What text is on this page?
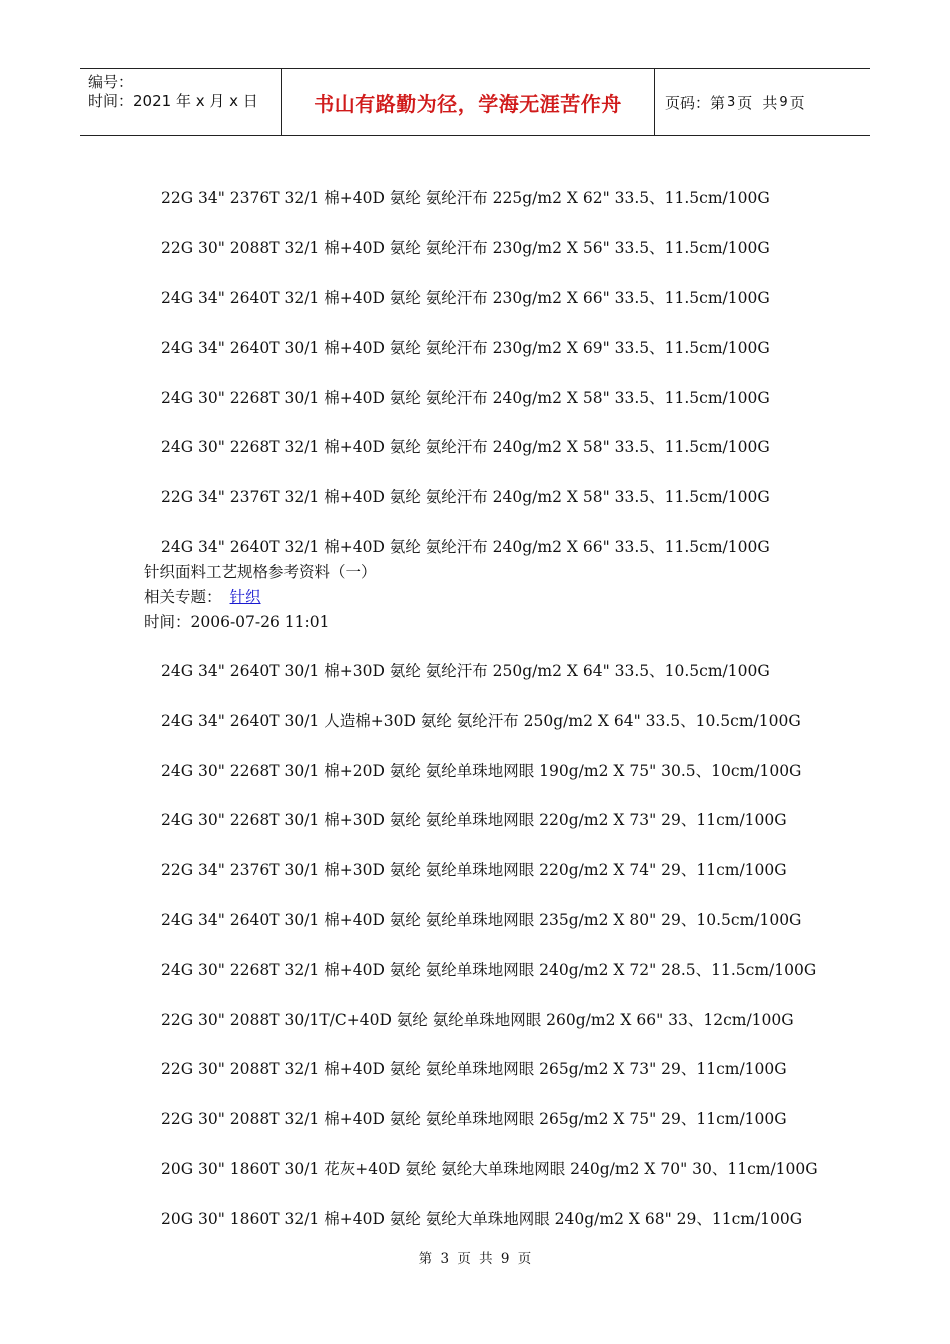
编号：
时间：2021 年 x 月 x 日	书山有路勤为径，学海无涯苦作舟	页码：第 3 页 共 9 页
22G 34" 2376T 32/1 棉+40D 氨纶 氨纶汗布 225g/m2 X 62" 33.5、11.5cm/100G
22G 30" 2088T 32/1 棉+40D 氨纶 氨纶汗布 230g/m2 X 56" 33.5、11.5cm/100G
24G 34" 2640T 32/1 棉+40D 氨纶 氨纶汗布 230g/m2 X 66" 33.5、11.5cm/100G
24G 34" 2640T 30/1 棉+40D 氨纶 氨纶汗布 230g/m2 X 69" 33.5、11.5cm/100G
24G 30" 2268T 30/1 棉+40D 氨纶 氨纶汗布 240g/m2 X 58" 33.5、11.5cm/100G
24G 30" 2268T 32/1 棉+40D 氨纶 氨纶汗布 240g/m2 X 58" 33.5、11.5cm/100G
22G 34" 2376T 32/1 棉+40D 氨纶 氨纶汗布 240g/m2 X 58" 33.5、11.5cm/100G
24G 34" 2640T 32/1 棉+40D 氨纶 氨纶汗布 240g/m2 X 66" 33.5、11.5cm/100G
针织面料工艺规格参考资料（一）
相关专题： 针织
时间：2006-07-26 11:01
24G 34" 2640T 30/1 棉+30D 氨纶 氨纶汗布 250g/m2 X 64" 33.5、10.5cm/100G
24G 34" 2640T 30/1 人造棉+30D 氨纶 氨纶汗布 250g/m2 X 64" 33.5、10.5cm/100G
24G 30" 2268T 30/1 棉+20D 氨纶 氨纶单珠地网眼 190g/m2 X 75" 30.5、10cm/100G
24G 30" 2268T 30/1 棉+30D 氨纶 氨纶单珠地网眼 220g/m2 X 73" 29、11cm/100G
22G 34" 2376T 30/1 棉+30D 氨纶 氨纶单珠地网眼 220g/m2 X 74" 29、11cm/100G
24G 34" 2640T 30/1 棉+40D 氨纶 氨纶单珠地网眼 235g/m2 X 80" 29、10.5cm/100G
24G 30" 2268T 32/1 棉+40D 氨纶 氨纶单珠地网眼 240g/m2 X 72" 28.5、11.5cm/100G
22G 30" 2088T 30/1T/C+40D 氨纶 氨纶单珠地网眼 260g/m2 X 66" 33、12cm/100G
22G 30" 2088T 32/1 棉+40D 氨纶 氨纶单珠地网眼 265g/m2 X 73" 29、11cm/100G
22G 30" 2088T 32/1 棉+40D 氨纶 氨纶单珠地网眼 265g/m2 X 75" 29、11cm/100G
20G 30" 1860T 30/1 花灰+40D 氨纶 氨纶大单珠地网眼 240g/m2 X 70" 30、11cm/100G
20G 30" 1860T 32/1 棉+40D 氨纶 氨纶大单珠地网眼 240g/m2 X 68" 29、11cm/100G
第 3 页 共 9 页
